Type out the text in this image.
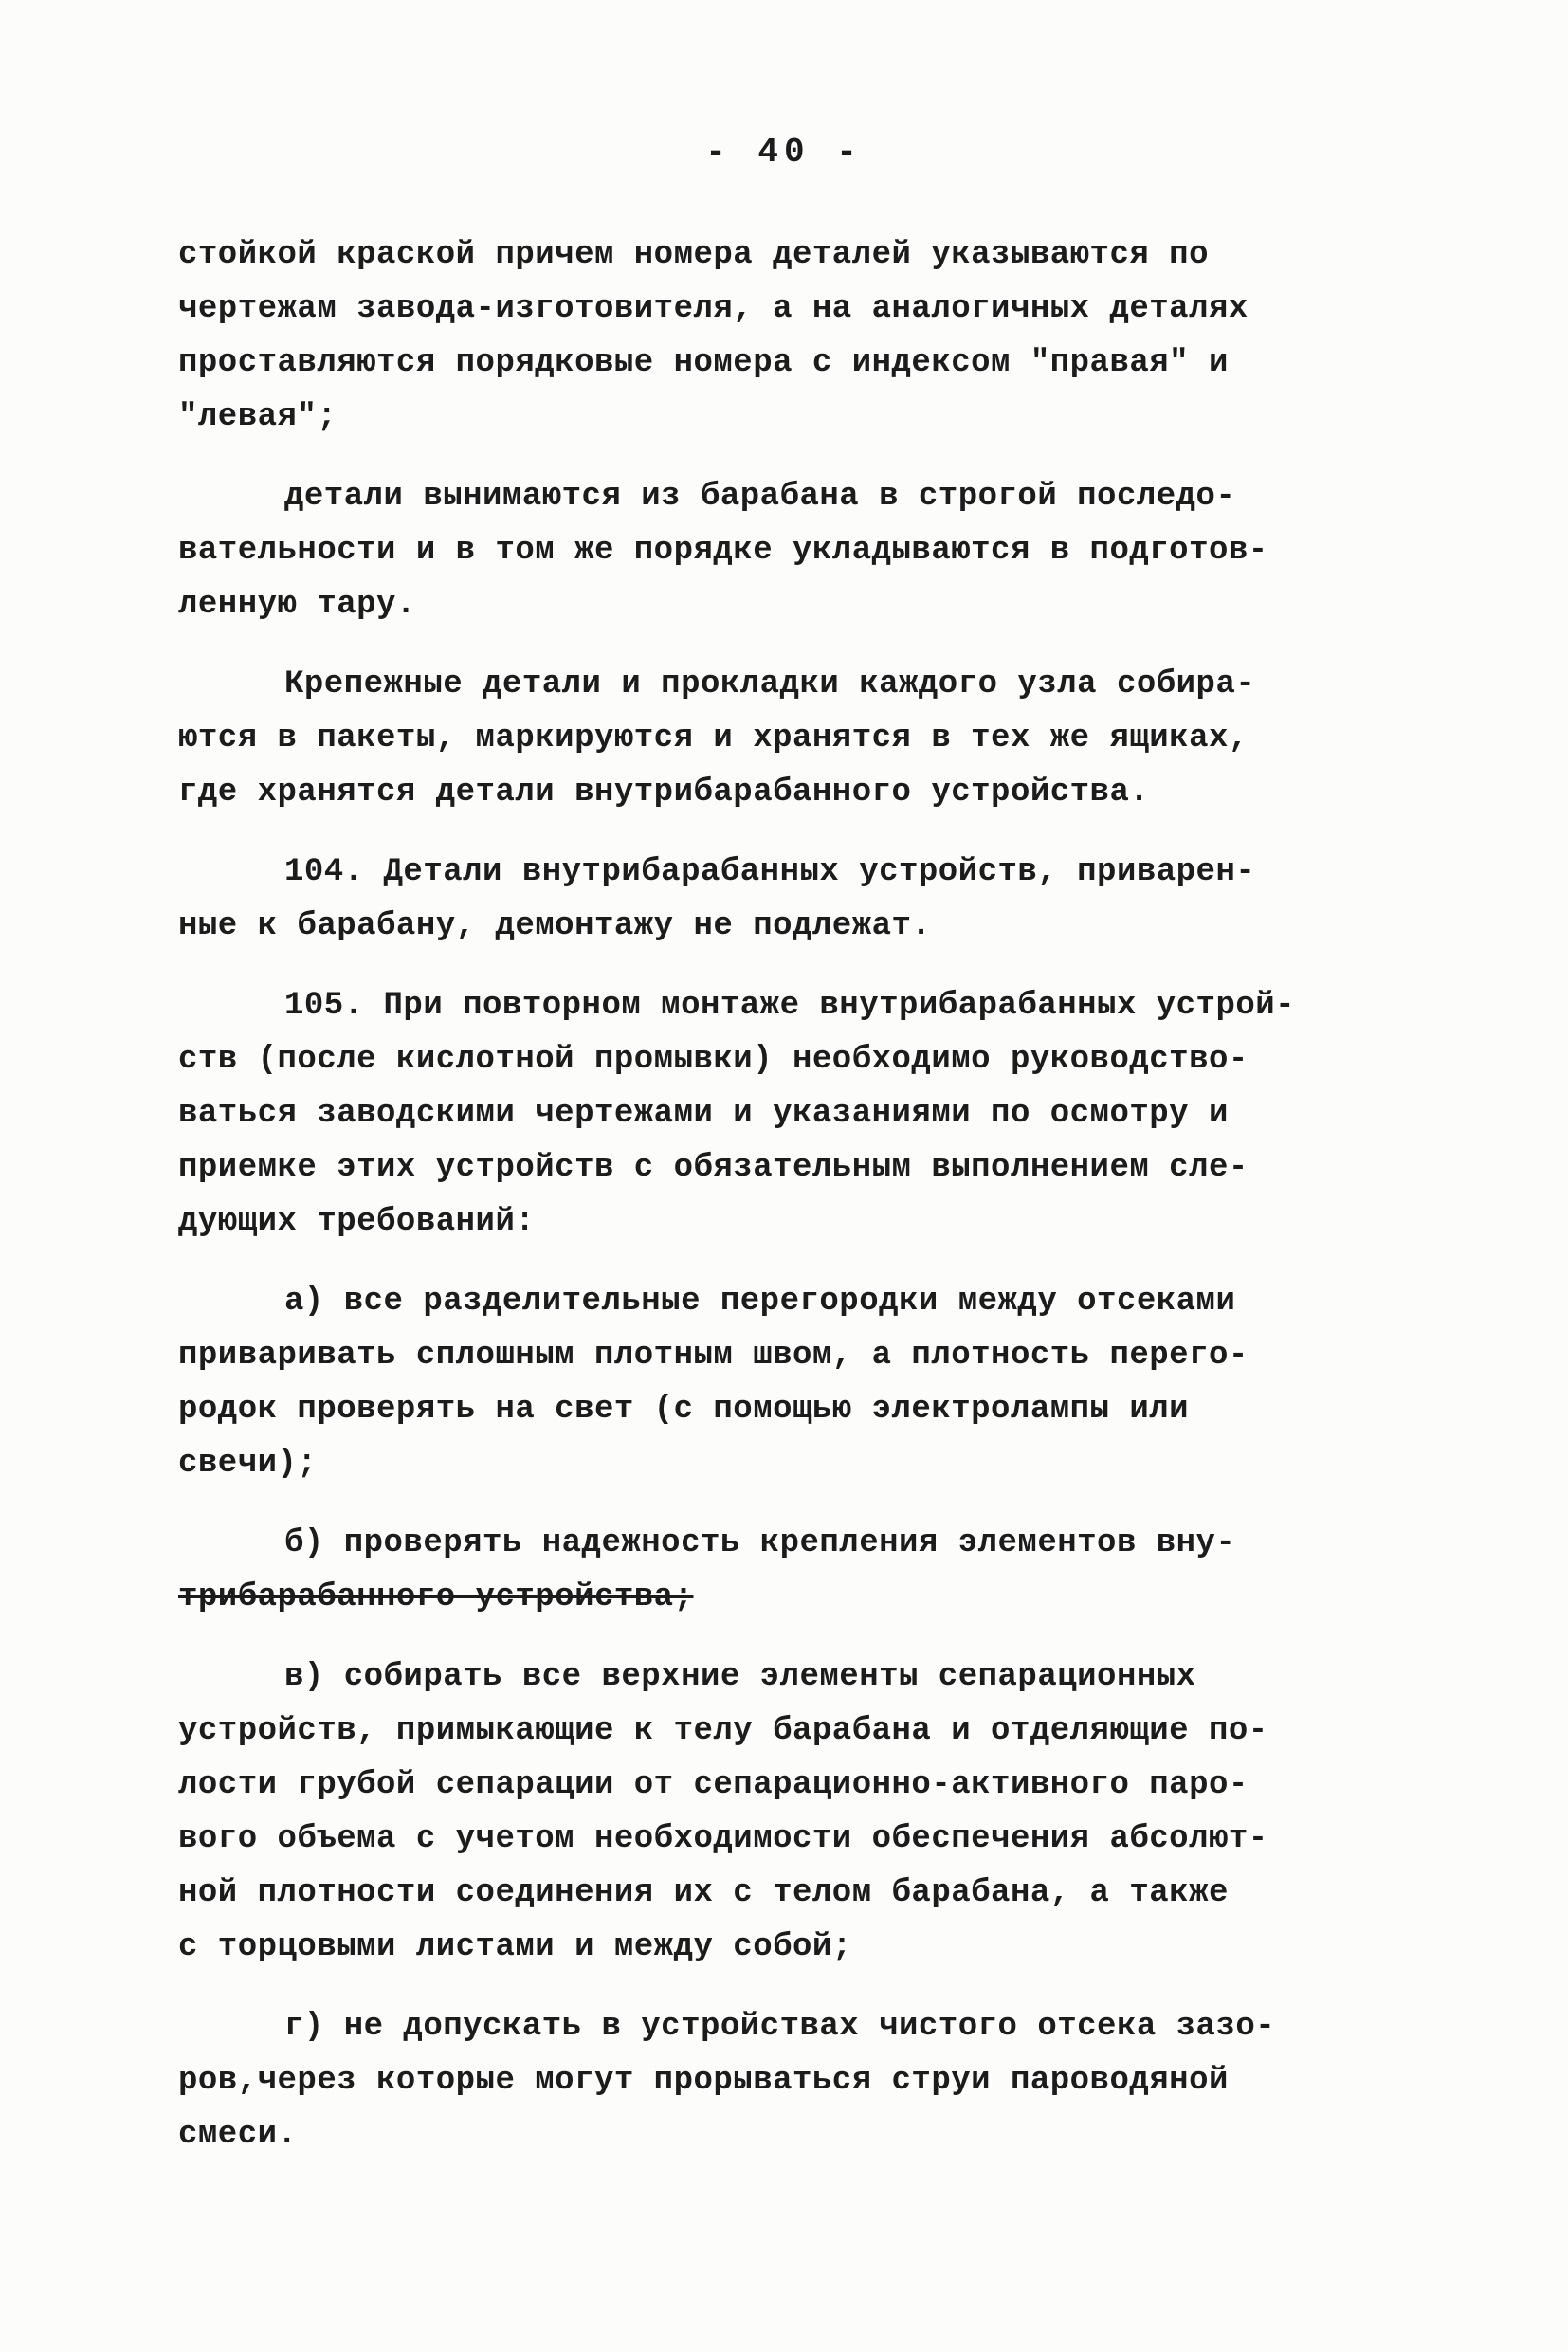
- 40 -

стойкой краской причем номера деталей указываются по
чертежам завода-изготовителя, а на аналогичных деталях
проставляются порядковые номера с индексом "правая" и
"левая";

детали вынимаются из барабана в строгой последо-
вательности и в том же порядке укладываются в подготов-
ленную тару.

Крепежные детали и прокладки каждого узла собира-
ются в пакеты, маркируются и хранятся в тех же ящиках,
где хранятся детали внутрибарабанного устройства.

104. Детали внутрибарабанных устройств, приварен-
ные к барабану, демонтажу не подлежат.

105. При повторном монтаже внутрибарабанных устрой-
ств (после кислотной промывки) необходимо руководство-
ваться заводскими чертежами и указаниями по осмотру и
приемке этих устройств с обязательным выполнением сле-
дующих требований:

а) все разделительные перегородки между отсеками
приваривать сплошным плотным швом, а плотность перего-
родок проверять на свет (с помощью электролампы или
свечи);

б) проверять надежность крепления элементов вну-
трибарабанного устройства;

в) собирать все верхние элементы сепарационных
устройств, примыкающие к телу барабана и отделяющие по-
лости грубой сепарации от сепарационно-активного паро-
вого объема с учетом необходимости обеспечения абсолют-
ной плотности соединения их с телом барабана, а также
с торцовыми листами и между собой;

г) не допускать в устройствах чистого отсека зазо-
ров,через которые могут прорываться струи пароводяной
смеси.
